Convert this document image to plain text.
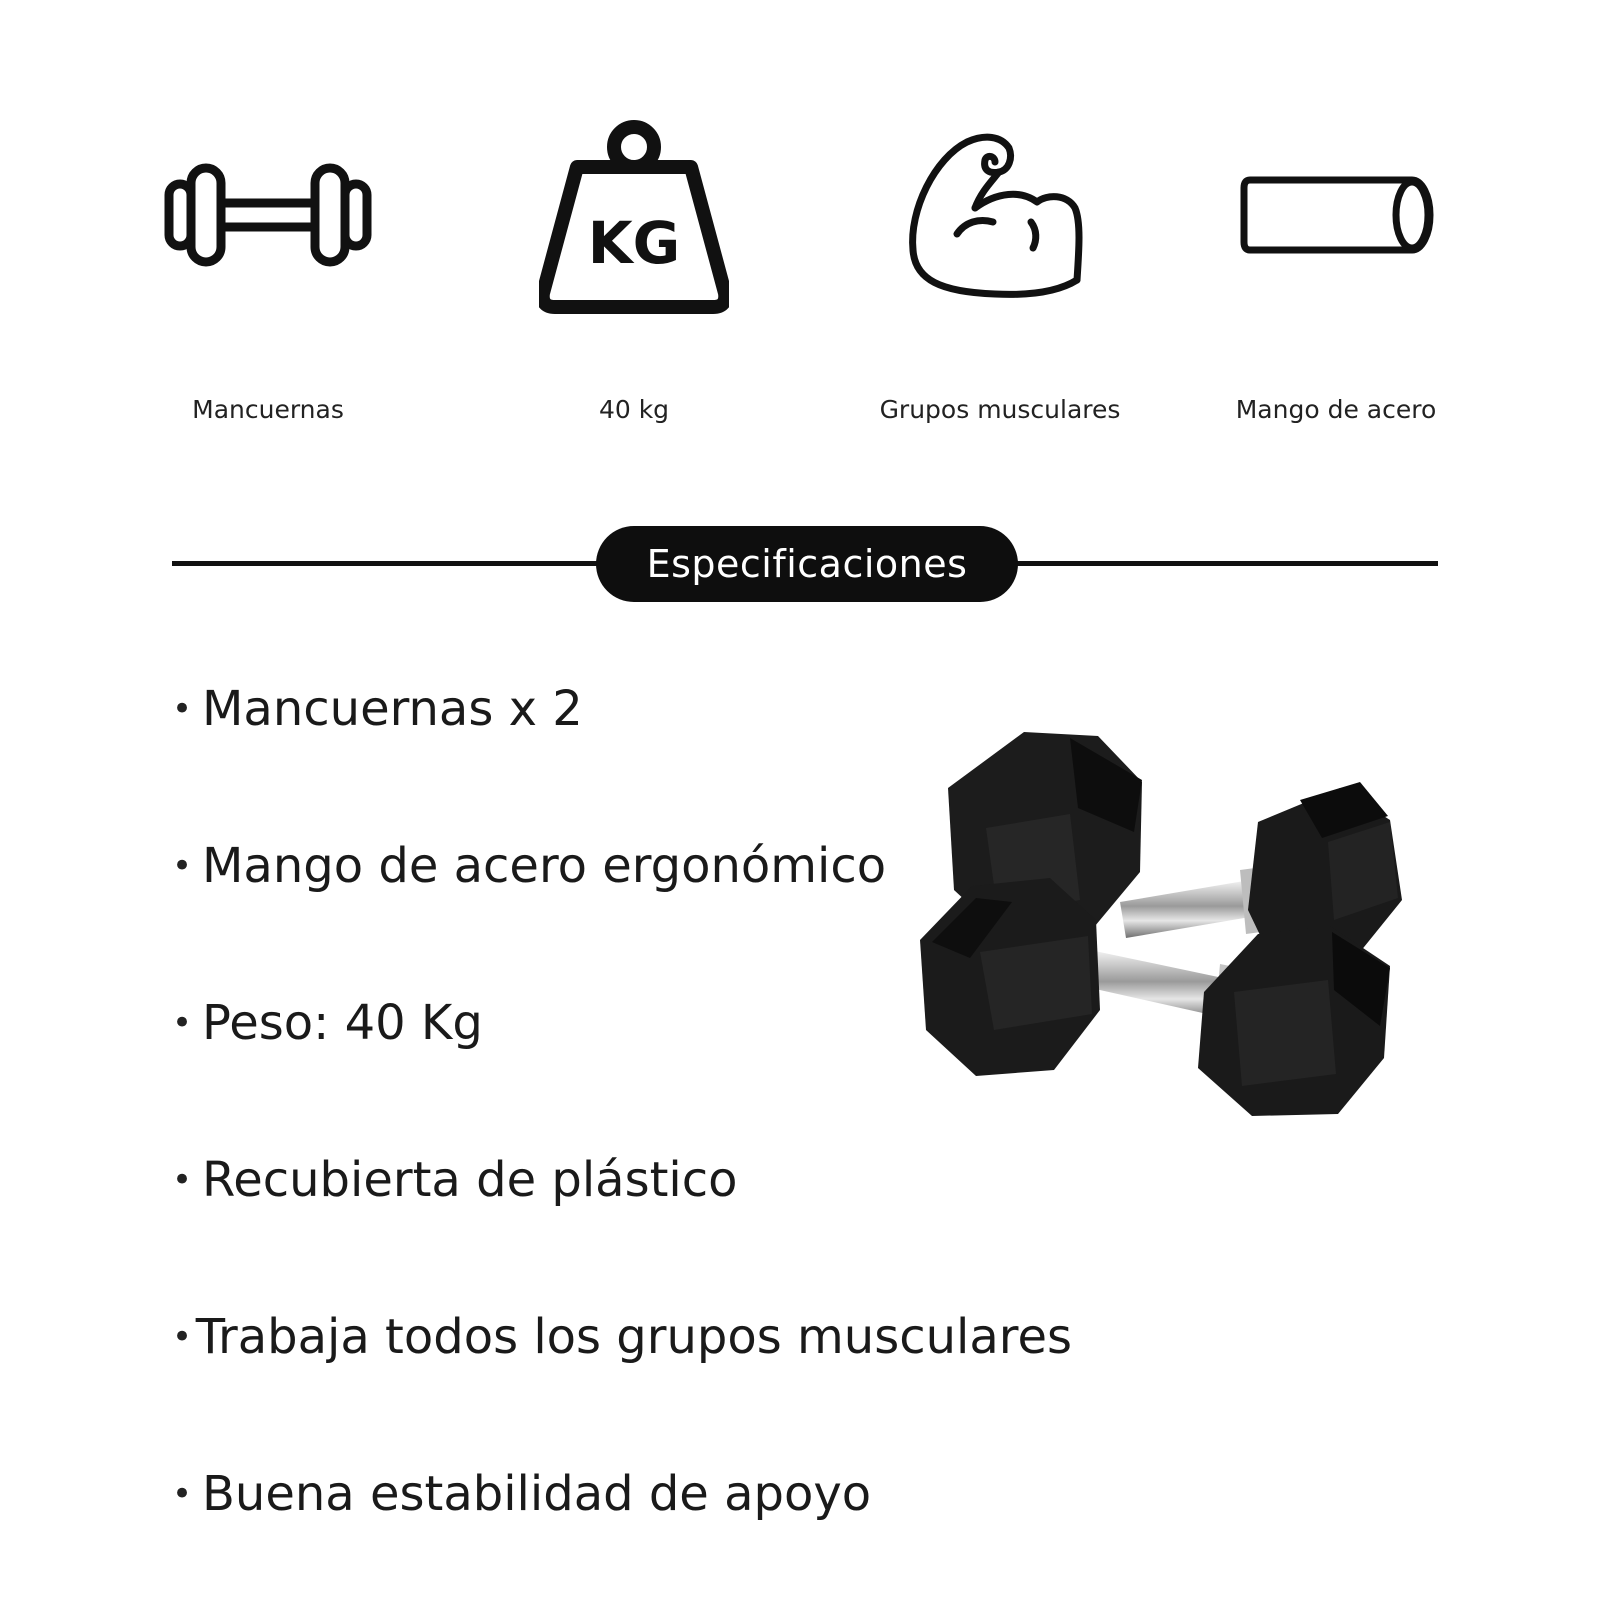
Mancuernas
KG
40 kg	Grupos musculares	Mango de acero
Especificaciones
• Mancuernas x 2
• Mango de acero ergonómico
• Peso: 40 Kg
• Recubierta de plástico
• Trabaja todos los grupos musculares
• Buena estabilidad de apoyo
